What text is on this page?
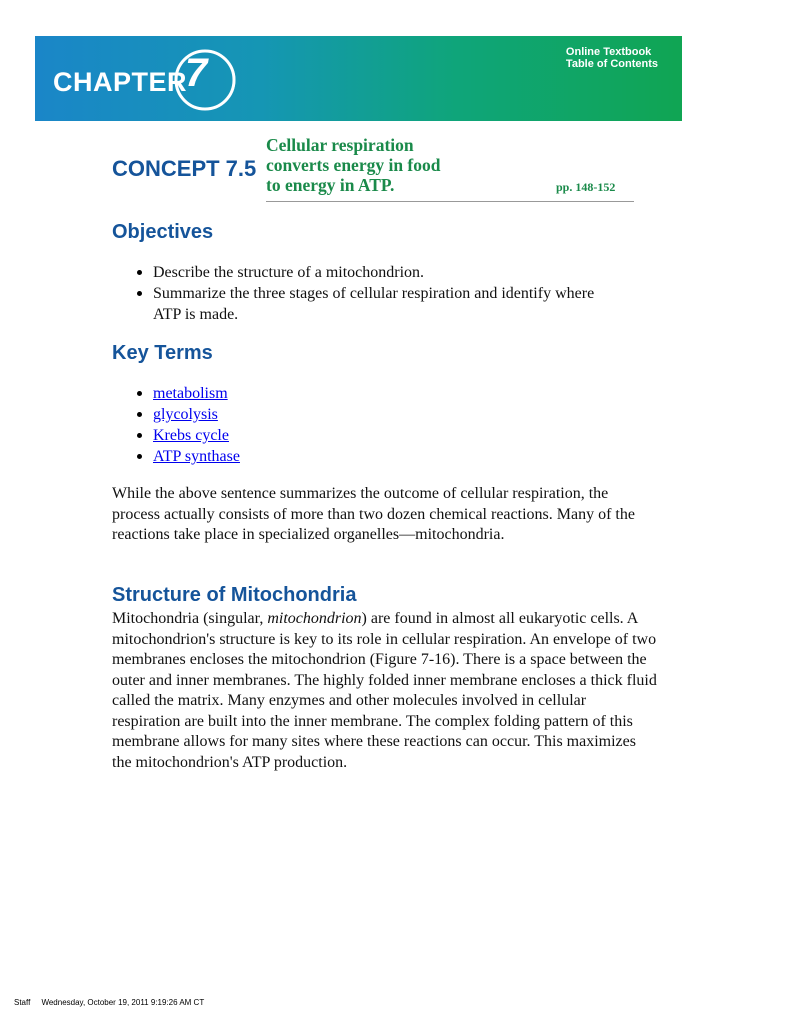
CHAPTER
7	Online Textbook
Table of Contents
CONCEPT 7.5
Cellular respiration
converts energy in food
to energy in ATP.	pp. 148-152
Objectives
Describe the structure of a mitochondrion.
Summarize the three stages of cellular respiration and identify where ATP is made.
Key Terms
metabolism
glycolysis
Krebs cycle
ATP synthase

While the above sentence summarizes the outcome of cellular respiration, the process actually consists of more than two dozen chemical reactions. Many of the reactions take place in specialized organelles—mitochondria.

Structure of Mitochondria

Mitochondria (singular, mitochondrion) are found in almost all eukaryotic cells. A mitochondrion's structure is key to its role in cellular respiration. An envelope of two membranes encloses the mitochondrion (Figure 7-16). There is a space between the outer and inner membranes. The highly folded inner membrane encloses a thick fluid called the matrix. Many enzymes and other molecules involved in cellular respiration are built into the inner membrane. The complex folding pattern of this membrane allows for many sites where these reactions can occur. This maximizes the mitochondrion's ATP production.

Staff Wednesday, October 19, 2011 9:19:26 AM CT
